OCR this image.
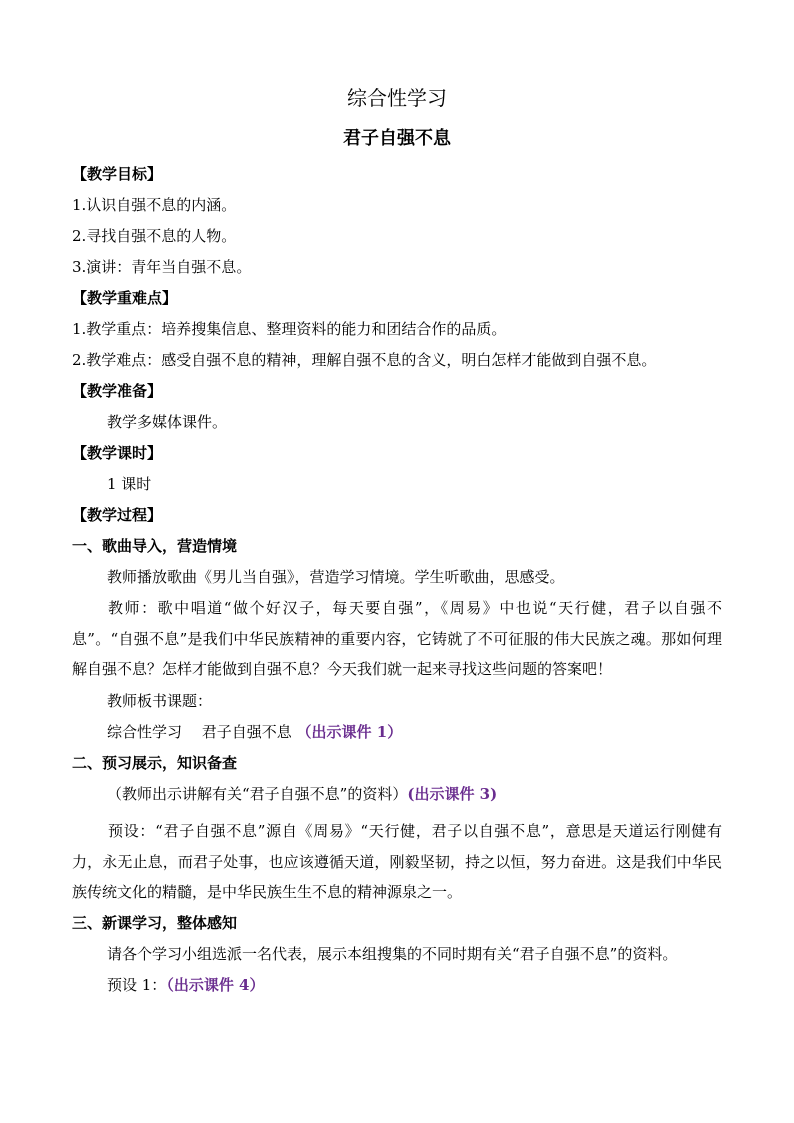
综合性学习
君子自强不息
【教学目标】
1.认识自强不息的内涵。
2.寻找自强不息的人物。
3.演讲：青年当自强不息。
【教学重难点】
1.教学重点：培养搜集信息、整理资料的能力和团结合作的品质。
2.教学难点：感受自强不息的精神，理解自强不息的含义，明白怎样才能做到自强不息。
【教学准备】
教学多媒体课件。
【教学课时】
1 课时
【教学过程】
一、歌曲导入，营造情境
教师播放歌曲《男儿当自强》，营造学习情境。学生听歌曲，思感受。
教师：歌中唱道“做个好汉子，每天要自强”，《周易》中也说“天行健，君子以自强不息”。“自强不息”是我们中华民族精神的重要内容，它铸就了不可征服的伟大民族之魂。那如何理解自强不息？怎样才能做到自强不息？今天我们就一起来寻找这些问题的答案吧！
教师板书课题：
综合性学习　 君子自强不息 （出示课件 1）
二、预习展示，知识备查
（教师出示讲解有关“君子自强不息”的资料）(出示课件 3)
预设：“君子自强不息”源自《周易》“天行健，君子以自强不息”，意思是天道运行刚健有力，永无止息，而君子处事，也应该遵循天道，刚毅坚韧，持之以恒，努力奋进。这是我们中华民族传统文化的精髓，是中华民族生生不息的精神源泉之一。
三、新课学习，整体感知
请各个学习小组选派一名代表，展示本组搜集的不同时期有关“君子自强不息”的资料。
预设 1：（出示课件 4）
